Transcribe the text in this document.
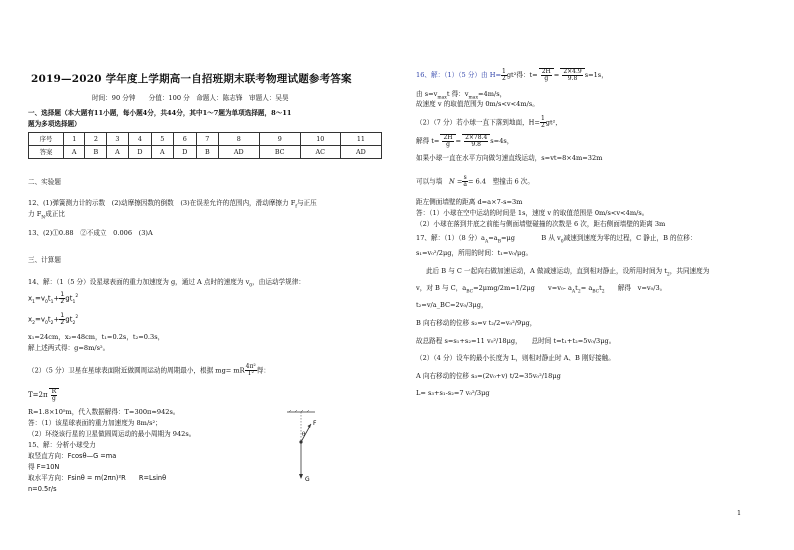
2019—2020 学年度上学期高一自招班期末联考物理试题参考答案
时间：90 分钟　　分值：100 分　命题人：陈志锋　审题人：吴昊
一、选择题（本大题有11小题，每小题4分，共44分，其中1～7题为单项选择题，8～11
题为多项选择题）
序号	1	2	3	4	5	6	7	8	9	10	11
答案	A	B	A	D	A	D	B	AD	BC	AC	AD
二、实验题
12、(1)弹簧测力计的示数　(2)动摩擦因数的倒数　(3)在误差允许的范围内，滑动摩擦力 $F_f$与正压
力 $F_N$成正比
13、(2)①0.88　②不成立　0.006　(3)A
三、计算题
14、解：（1（5 分）设星球表面的重力加速度为 g，通过 A 点时的速度为 $v_0$，由运动学规律：
$x_1=v_0t_1+ \frac{1}{2} gt_1^2$
$x_2=v_0t_2+ \frac{1}{2} gt_2^2$
x₁=24cm，x₂=48cm，t₁=0.2s，t₂=0.3s，
解上述两式得：g=8m/s²。
（2）（5 分）卫星在星球表面附近做圆周运动的周期最小，根据 mg= mR $\frac{\text{4π²}}{\text{T²}}$ 得：
$T=2\pi \frac{R}{g}$
R=1.8×10⁵m，代入数据解得：T=300π≈942s。
答：（1）该星球表面的重力加速度为 8m/s²；
（2）环绕该行星的卫星做圆周运动的最小周期为 942s。
15、解：分析小球受力
取竖直方向：Fcosθ—G =ma
得 F=10N
取水平方向：Fsinθ = m(2πn)²R　　R=Lsinθ
n=0.5r/s
F
θ
G
16、解：（1）（5 分）由 $H= \frac{1}{2} gt^2$得：$t= \frac{2H}{g} = \frac{2\times 4.9}{9.8} s=1s$，
由 $s=v_{max}t$ 得：$v_{max}=4m/s$，
故速度 v 的取值范围为 0m/s<v<4m/s。
（2）（7 分）若小球一直下落到地面，$H= \frac{1}{2} gt^2$，
解得 $t= \frac{2H}{g} = \frac{2\times 78.4}{9.8} s=4s$，
如果小球一直在水平方向做匀速直线运动，s=vt=8×4m=32m
可以与墙　 $N = \frac{s}{a} = 6.4$　塑撞击 6 次。
距左侧面墙壁的距离 d=a×7-s=3m
答：（1）小球在空中运动的时间是 1s，速度 v 的取值范围是 0m/s<v<4m/s。
（2）小球在落到井底之前能与侧面墙壁碰撞的次数是 6 次，距右侧面墙壁的距离 3m
17、解：（1）（8 分）$a_A=a_B=\mu g$　　　　B 从 $v_0$减速到速度为零的过程，C 静止，B 的位移：
s₁=v₀²/2μg，所用的时间：t₁=v₀/μg。
此后 B 与 C 一起向右做加速运动，A 做减速运动，直到相对静止，设所用时间为 $t_2$，共同速度为
v，对 B 与 C，$a_{BC}=2\mu mg/2m=1/2\mu g$　　v=v₀- $a_At_2= a_{BC}t_2$　　解得　v=v₀/3。
t₂=v/a_BC=2v₀/3μg，
B 向右移动的位移 s₂=v t₂/2=v₀²/9μg，
故总路程 s=s₁+s₂=11 v₀²/18μg，　　总时间 t=t₁+t₂=5v₀/3μg。
（2）（4 分）设车的最小长度为 L，则相对静止时 A、B 刚好接触。
A 向右移动的位移 s₃=(2v₀+v) t/2=35v₀²/18μg
L= s₃+s₁-s₂=7 v₀²/3μg
1
